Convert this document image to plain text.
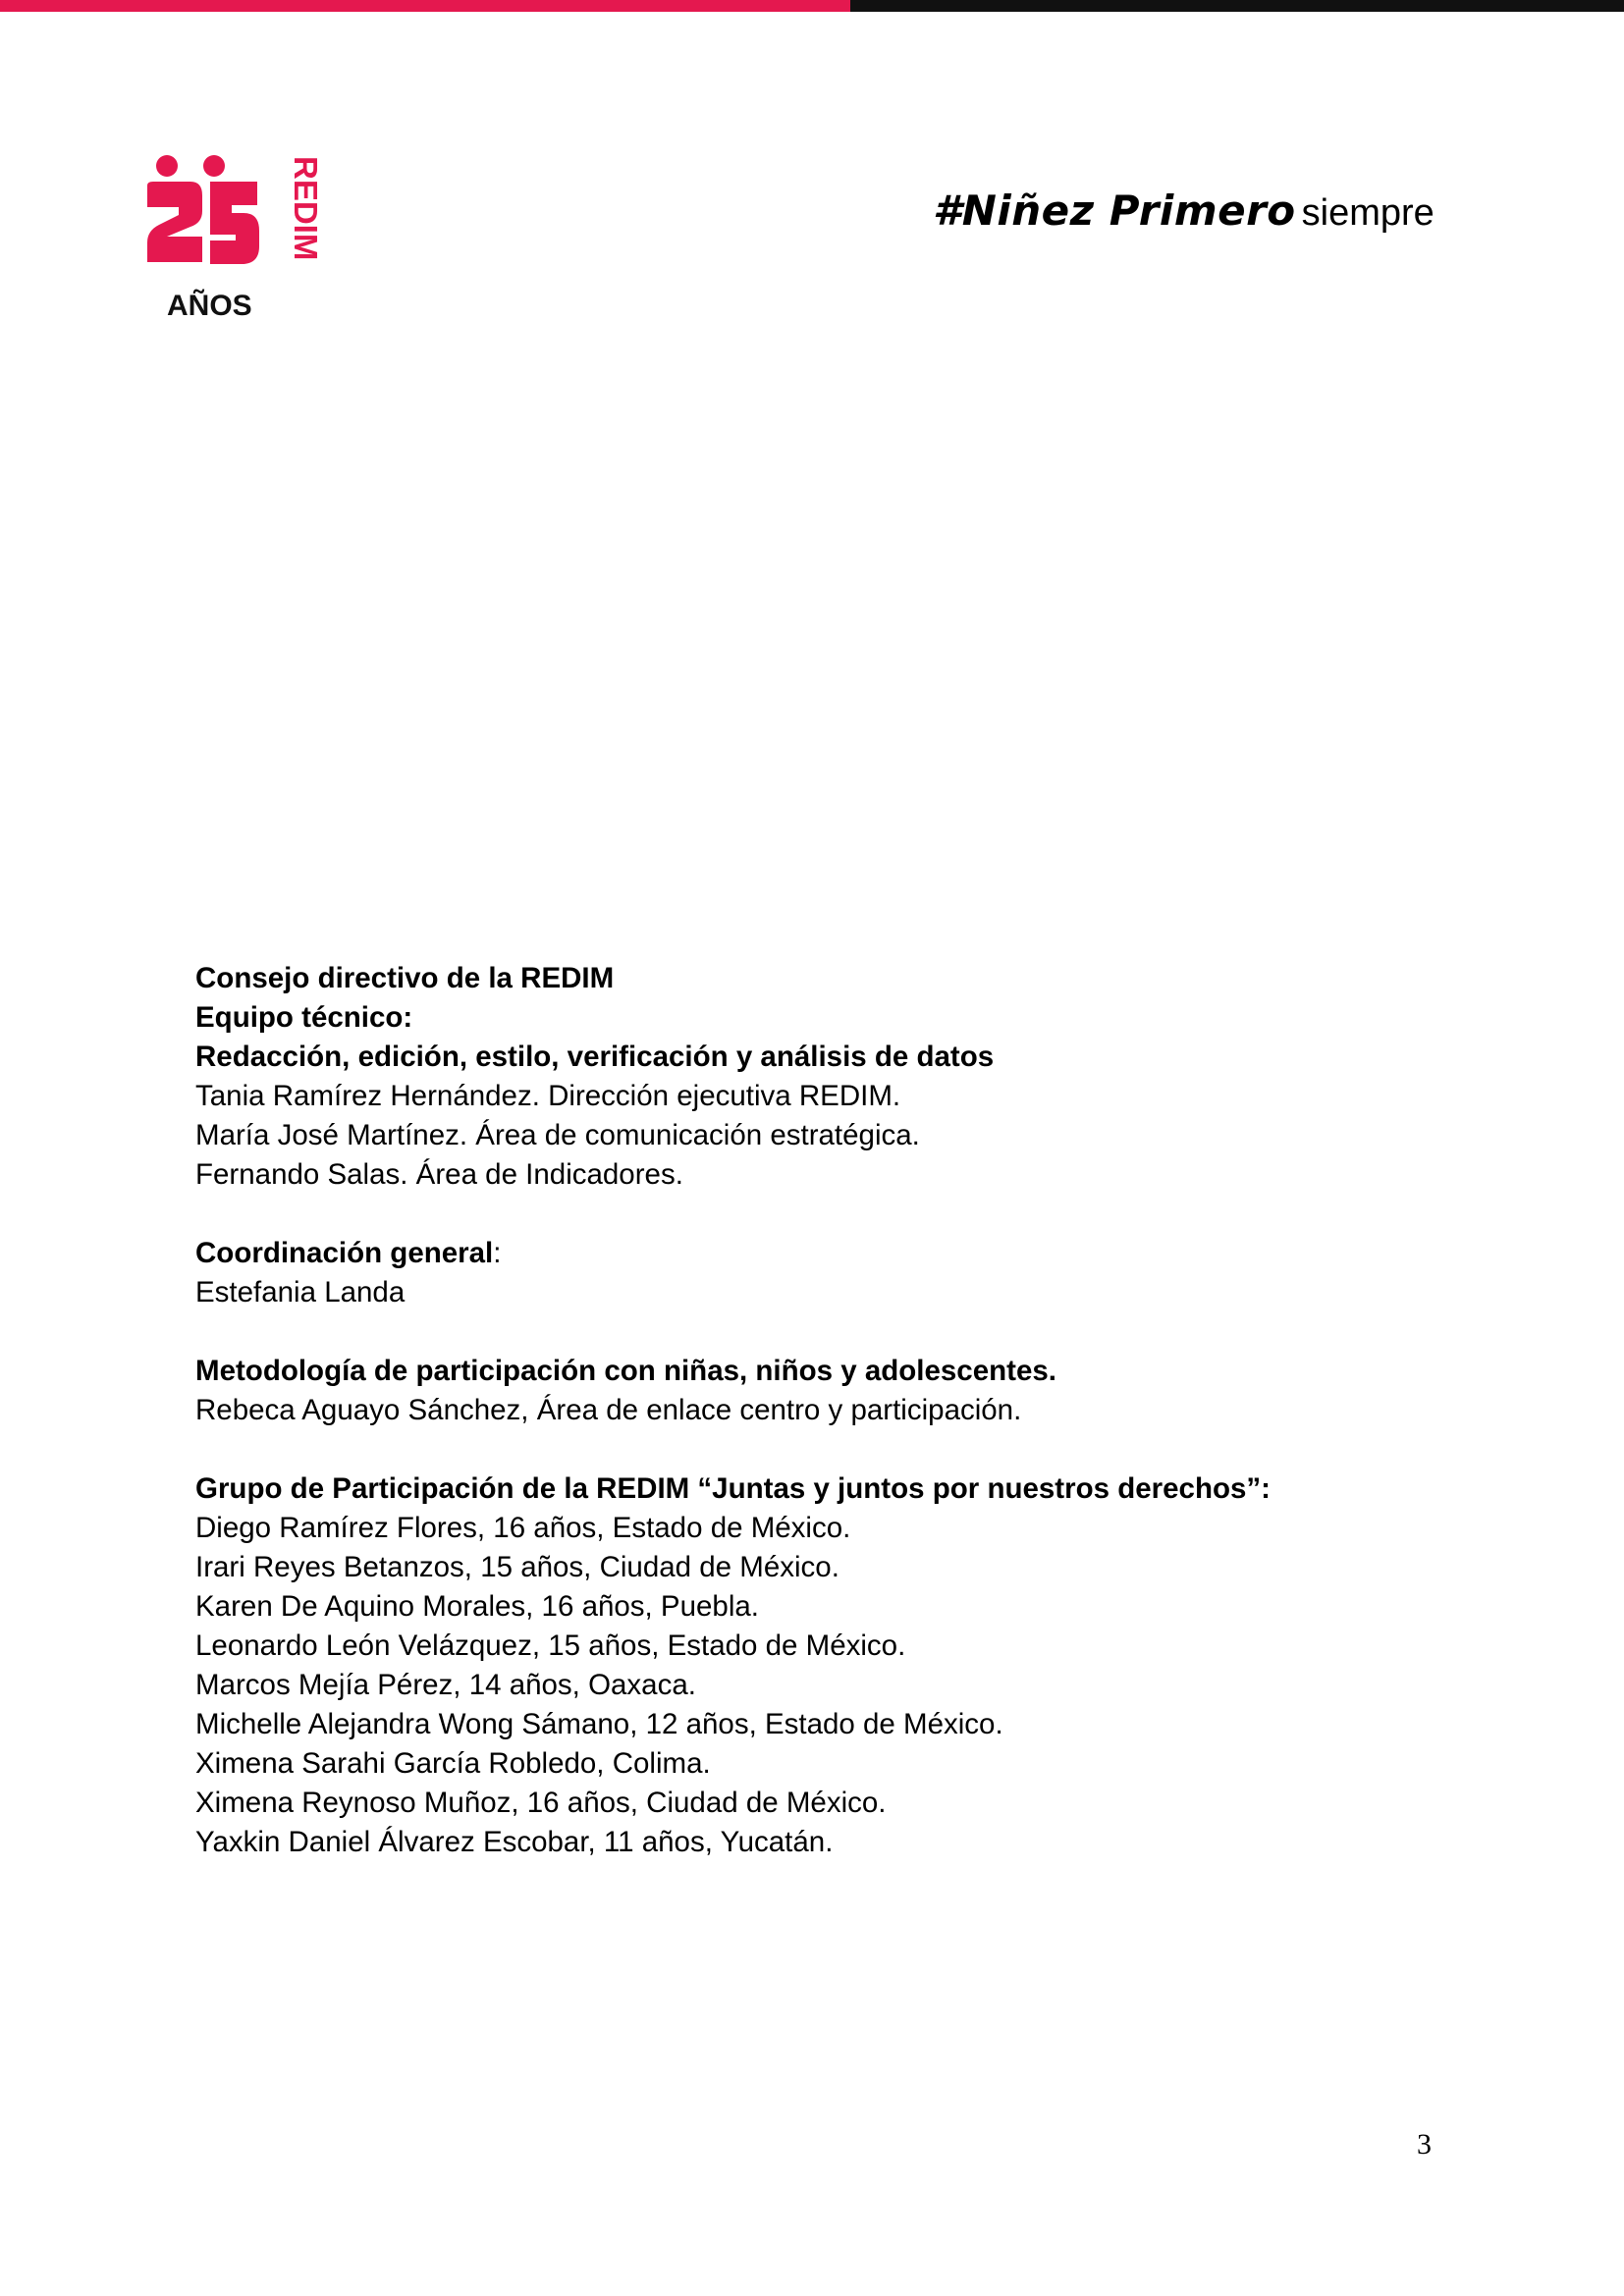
REDIM
AÑOS
#Niñez Primero siempre
Consejo directivo de la REDIM
Equipo técnico:
Redacción, edición, estilo, verificación y análisis de datos
Tania Ramírez Hernández. Dirección ejecutiva REDIM.
María José Martínez. Área de comunicación estratégica.
Fernando Salas. Área de Indicadores.
Coordinación general:
Estefania Landa
Metodología de participación con niñas, niños y adolescentes.
Rebeca Aguayo Sánchez, Área de enlace centro y participación.
Grupo de Participación de la REDIM “Juntas y juntos por nuestros derechos”:
Diego Ramírez Flores, 16 años, Estado de México.
Irari Reyes Betanzos, 15 años, Ciudad de México.
Karen De Aquino Morales, 16 años, Puebla.
Leonardo León Velázquez, 15 años, Estado de México.
Marcos Mejía Pérez, 14 años, Oaxaca.
Michelle Alejandra Wong Sámano, 12 años, Estado de México.
Ximena Sarahi García Robledo, Colima.
Ximena Reynoso Muñoz, 16 años, Ciudad de México.
Yaxkin Daniel Álvarez Escobar, 11 años, Yucatán.
3
